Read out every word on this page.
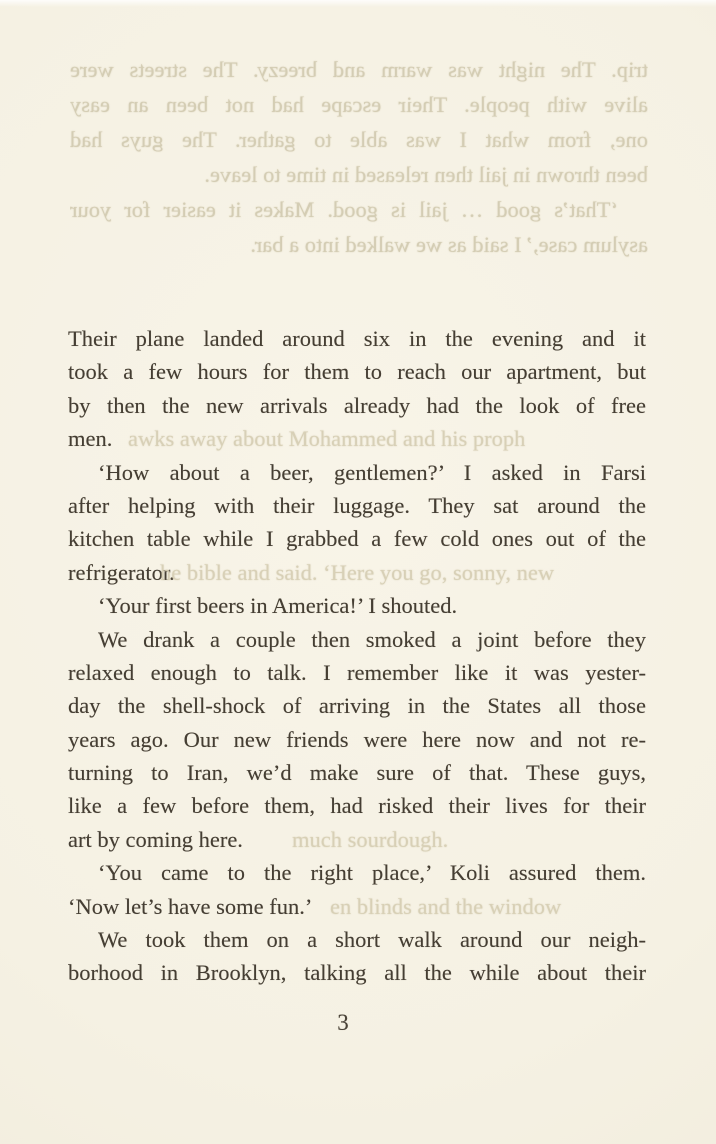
trip. The night was warm and breezy. The streets were
alive with people. Their escape had not been an easy
one, from what I was able to gather. The guys had
been thrown in jail then released in time to leave.
‘That’s good … jail is good. Makes it easier for your
asylum case,’ I said as we walked into a bar.
Their plane landed around six in the evening and it
took a few hours for them to reach our apartment, but
by then the new arrivals already had the look of free
men.
‘How about a beer, gentlemen?’ I asked in Farsi
after helping with their luggage. They sat around the
kitchen table while I grabbed a few cold ones out of the
refrigerator.
‘Your first beers in America!’ I shouted.
We drank a couple then smoked a joint before they
relaxed enough to talk. I remember like it was yester-
day the shell-shock of arriving in the States all those
years ago. Our new friends were here now and not re-
turning to Iran, we’d make sure of that. These guys,
like a few before them, had risked their lives for their
art by coming here.
‘You came to the right place,’ Koli assured them.
‘Now let’s have some fun.’
We took them on a short walk around our neigh-
borhood in Brooklyn, talking all the while about their
3
awks away about Mohammed and his proph
he bible and said. ‘Here you go, sonny, new
much sourdough.
en blinds and the window
